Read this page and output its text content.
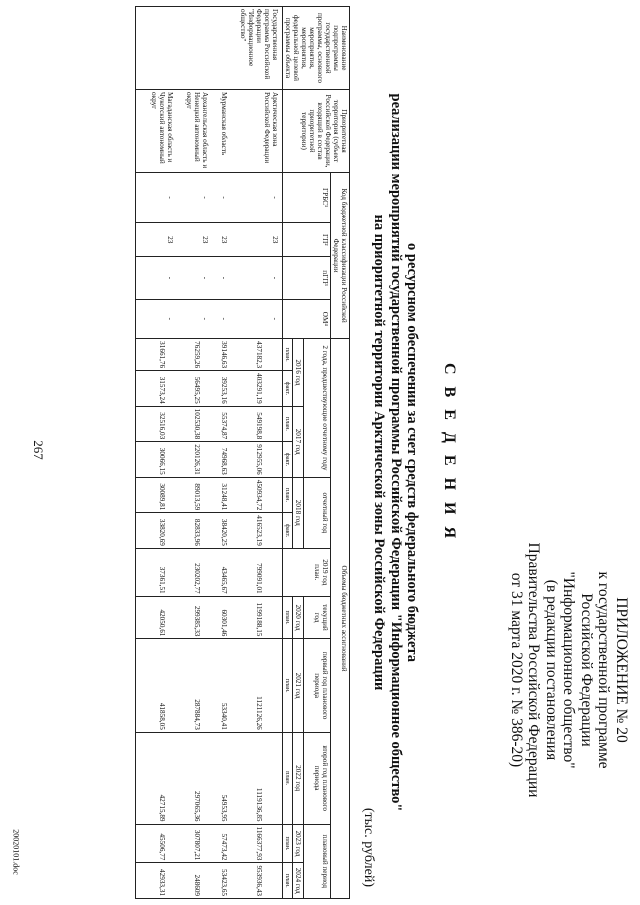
267
20020101.doc
ПРИЛОЖЕНИЕ № 20
к государственной программе
Российской Федерации
"Информационное общество"
(в редакции постановления
Правительства Российской Федерации
от 31 марта 2020 г. № 386-20)
С В Е Д Е Н И Я
о ресурсном обеспечении за счет средств федерального бюджета
реализации мероприятий государственной программы Российской Федерации "Информационное общество"
на приоритетной территории Арктической зоны Российской Федерации
(тыс. рублей)
Наименование подпрограммы государственной программы, основного мероприятия, мероприятия, федеральной целевой программы объекта	Приоритетная территория (субъект Российской Федерации, входящий в состав приоритетной территории)	Код бюджетной классификации Российской Федерации				Объемы бюджетных ассигнований											
		ГРБС¹	ГП²	пГП³	ОМ⁴	2 года, предшествующие отчетному году				отчетный год		2019 год план.	текущий год	первый год планового периода	второй год планового периода	плановый период	
						2016 год		2017 год		2018 год			2020 год	2021 год	2022 год	2023 год	2024 год
						план.	факт.	план.	факт.	план.	факт.		план.	план.	план.	план.	план.
Государственная программа Российской Федерации "Информационное общество"	Арктическая зона Российской Федерации	-	23	-	-	437182,3	403291,19	549198,8	912955,06	450934,72	416523,19	799091,01	1199188,15	1121126,26	1119136,85	1166377,93	953936,43
	Мурманская область	-	23	-	-	39146,63	39253,16	55374,87	74968,63	31248,41	38420,25	43465,67	60301,46	53340,41	54953,95	57473,42	53423,65
	Архангельская область и Ненецкий автономный округ	-	23	-	-	76259,26	56495,25	102530,38	220126,31	89013,59	82833,96	230202,77	299385,33	287884,73	297065,36	307807,21	248609
	Магаданская область и Чукотский автономный округ	-	23	-	-	31661,76	31573,24	32516,03	30066,15	30089,81	33820,69	37361,51	42050,61	41858,05	42715,89	45506,77	42933,31
